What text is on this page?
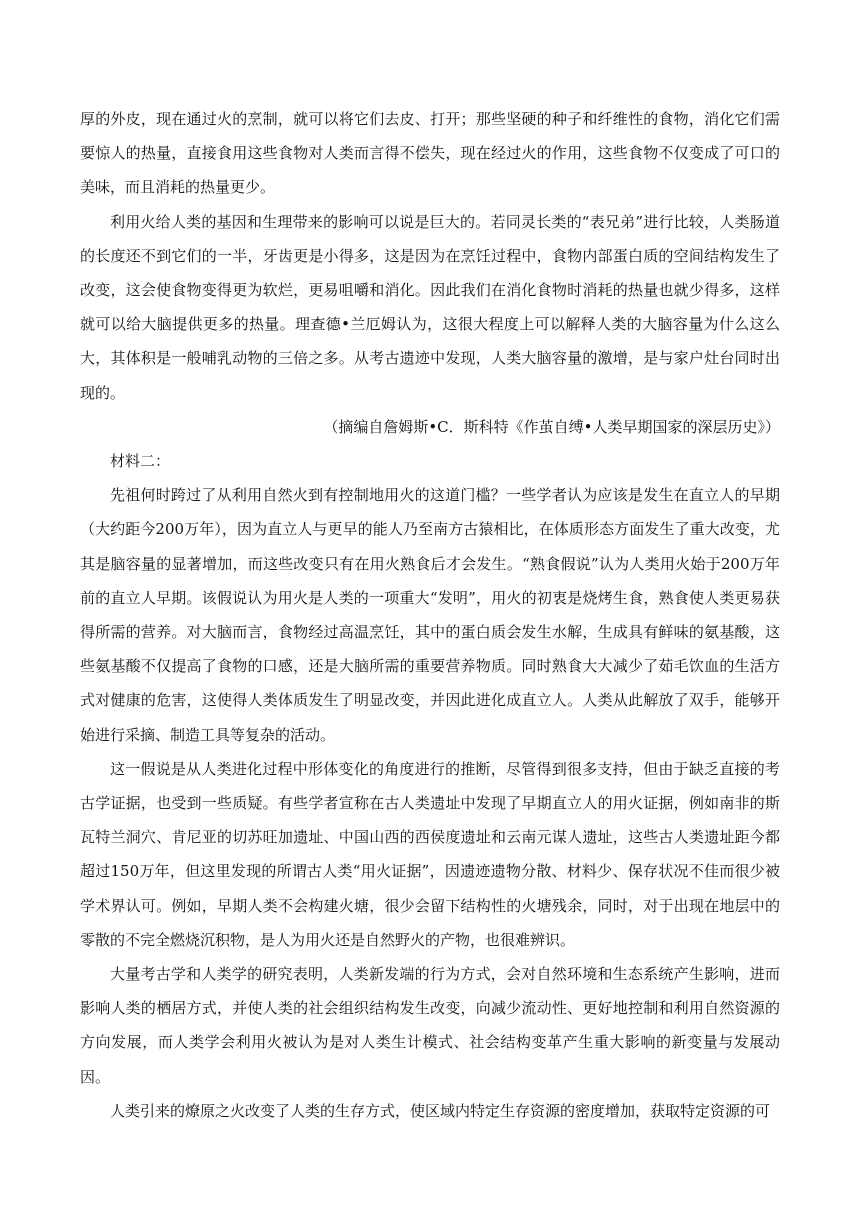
厚的外皮，现在通过火的烹制，就可以将它们去皮、打开；那些坚硬的种子和纤维性的食物，消化它们需要惊人的热量，直接食用这些食物对人类而言得不偿失，现在经过火的作用，这些食物不仅变成了可口的美味，而且消耗的热量更少。

利用火给人类的基因和生理带来的影响可以说是巨大的。若同灵长类的“表兄弟”进行比较，人类肠道的长度还不到它们的一半，牙齿更是小得多，这是因为在烹饪过程中，食物内部蛋白质的空间结构发生了改变，这会使食物变得更为软烂，更易咀嚼和消化。因此我们在消化食物时消耗的热量也就少得多，这样就可以给大脑提供更多的热量。理查德•兰厄姆认为，这很大程度上可以解释人类的大脑容量为什么这么大，其体积是一般哺乳动物的三倍之多。从考古遗迹中发现，人类大脑容量的激增，是与家户灶台同时出现的。

（摘编自詹姆斯•C．斯科特《作茧自缚•人类早期国家的深层历史》）

材料二：

先祖何时跨过了从利用自然火到有控制地用火的这道门槛？一些学者认为应该是发生在直立人的早期（大约距今200万年），因为直立人与更早的能人乃至南方古猿相比，在体质形态方面发生了重大改变，尤其是脑容量的显著增加，而这些改变只有在用火熟食后才会发生。“熟食假说”认为人类用火始于200万年前的直立人早期。该假说认为用火是人类的一项重大“发明”，用火的初衷是烧烤生食，熟食使人类更易获得所需的营养。对大脑而言，食物经过高温烹饪，其中的蛋白质会发生水解，生成具有鲜味的氨基酸，这些氨基酸不仅提高了食物的口感，还是大脑所需的重要营养物质。同时熟食大大减少了茹毛饮血的生活方式对健康的危害，这使得人类体质发生了明显改变，并因此进化成直立人。人类从此解放了双手，能够开始进行采摘、制造工具等复杂的活动。

这一假说是从人类进化过程中形体变化的角度进行的推断，尽管得到很多支持，但由于缺乏直接的考古学证据，也受到一些质疑。有些学者宣称在古人类遗址中发现了早期直立人的用火证据，例如南非的斯瓦特兰洞穴、肯尼亚的切苏旺加遗址、中国山西的西侯度遗址和云南元谋人遗址，这些古人类遗址距今都超过150万年，但这里发现的所谓古人类“用火证据”，因遗迹遗物分散、材料少、保存状况不佳而很少被学术界认可。例如，早期人类不会构建火塘，很少会留下结构性的火塘残余，同时，对于出现在地层中的零散的不完全燃烧沉积物，是人为用火还是自然野火的产物，也很难辨识。

大量考古学和人类学的研究表明，人类新发端的行为方式，会对自然环境和生态系统产生影响，进而影响人类的栖居方式，并使人类的社会组织结构发生改变，向减少流动性、更好地控制和利用自然资源的方向发展，而人类学会利用火被认为是对人类生计模式、社会结构变革产生重大影响的新变量与发展动因。

人类引来的燎原之火改变了人类的生存方式，使区域内特定生存资源的密度增加，获取特定资源的可
